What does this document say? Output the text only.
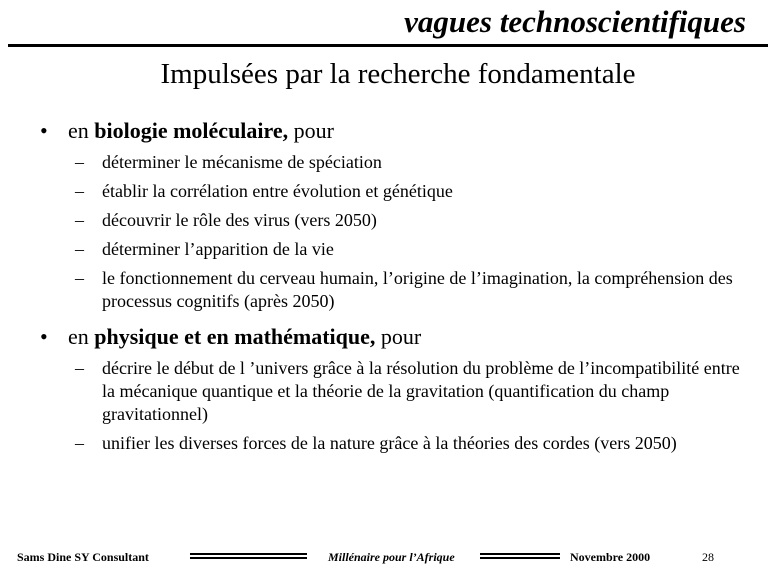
vagues technoscientifiques
Impulsées par la recherche fondamentale
• en biologie moléculaire, pour
– déterminer le mécanisme de spéciation
– établir la corrélation entre évolution et génétique
– découvrir le rôle des virus (vers 2050)
– déterminer l’apparition de la vie
– le fonctionnement du cerveau humain, l’origine de l’imagination, la compréhension des processus cognitifs (après 2050)
• en physique et en mathématique, pour
– décrire le début de l ’univers grâce à la résolution du problème de l’incompatibilité entre la mécanique quantique et la théorie de la gravitation (quantification du champ gravitationnel)
– unifier les diverses forces de la nature grâce à la théories des cordes (vers 2050)
Sams Dine SY Consultant	Millénaire pour l’Afrique	Novembre 2000	28
